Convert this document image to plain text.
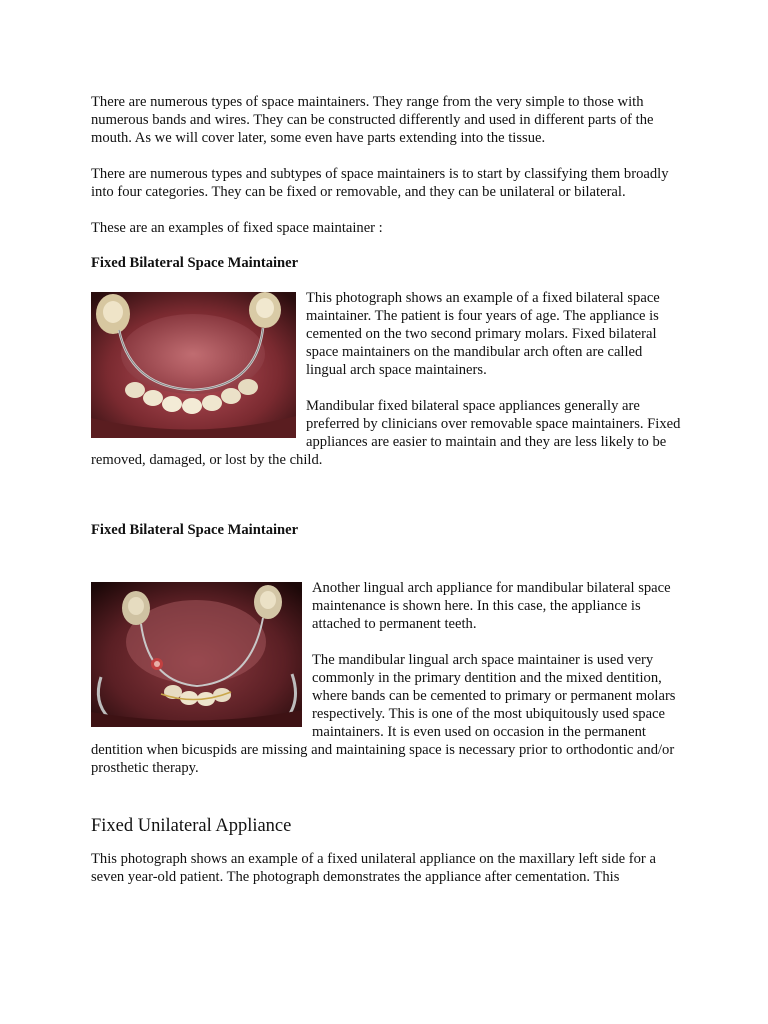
There are numerous types of space maintainers. They range from the very simple to those with numerous bands and wires. They can be constructed differently and used in different parts of the mouth. As we will cover later, some even have parts extending into the tissue.

There are numerous types and subtypes of space maintainers is to start by classifying them broadly into four categories. They can be fixed or removable, and they can be unilateral or bilateral.

These are an examples of fixed space maintainer :

Fixed Bilateral Space Maintainer

This photograph shows an example of a fixed bilateral space maintainer. The patient is four years of age. The appliance is cemented on the two second primary molars. Fixed bilateral space maintainers on the mandibular arch often are called lingual arch space maintainers.

Mandibular fixed bilateral space appliances generally are preferred by clinicians over removable space maintainers. Fixed appliances are easier to maintain and they are less likely to be removed, damaged, or lost by the child.

Fixed Bilateral Space Maintainer

Another lingual arch appliance for mandibular bilateral space maintenance is shown here. In this case, the appliance is attached to permanent teeth.

The mandibular lingual arch space maintainer is used very commonly in the primary dentition and the mixed dentition, where bands can be cemented to primary or permanent molars respectively. This is one of the most ubiquitously used space maintainers. It is even used on occasion in the permanent dentition when bicuspids are missing and maintaining space is necessary prior to orthodontic and/or prosthetic therapy.

Fixed Unilateral Appliance

This photograph shows an example of a fixed unilateral appliance on the maxillary left side for a seven year-old patient. The photograph demonstrates the appliance after cementation. This
